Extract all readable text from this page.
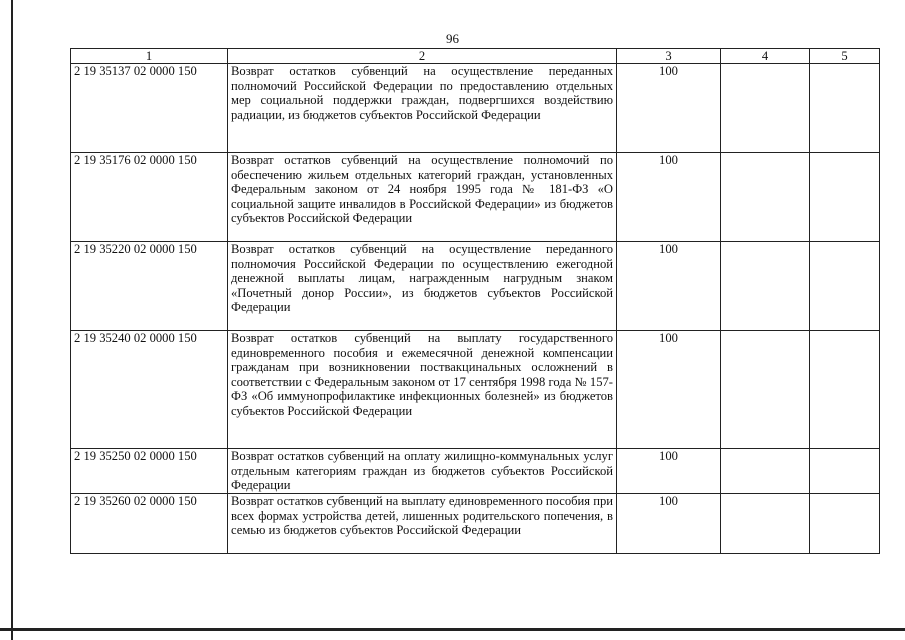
96
1	2	3	4	5
2 19 35137 02 0000 150	Возврат остатков субвенций на осуществление переданных полномочий Российской Федерации по предоставлению отдельных мер социальной поддержки граждан, подвергшихся воздействию радиации, из бюджетов субъектов Российской Федерации	100		
2 19 35176 02 0000 150	Возврат остатков субвенций на осуществление полномочий по обеспечению жильем отдельных категорий граждан, установленных Федеральным законом от 24 ноября 1995 года № 181-ФЗ «О социальной защите инвалидов в Российской Федерации» из бюджетов субъектов Российской Федерации	100		
2 19 35220 02 0000 150	Возврат остатков субвенций на осуществление переданного полномочия Российской Федерации по осуществлению ежегодной денежной выплаты лицам, награжденным нагрудным знаком «Почетный донор России», из бюджетов субъектов Российской Федерации	100		
2 19 35240 02 0000 150	Возврат остатков субвенций на выплату государственного единовременного пособия и ежемесячной денежной компенсации гражданам при возникновении поствакцинальных осложнений в соответствии с Федеральным законом от 17 сентября 1998 года № 157-ФЗ «Об иммунопрофилактике инфекционных болезней» из бюджетов субъектов Российской Федерации	100		
2 19 35250 02 0000 150	Возврат остатков субвенций на оплату жилищно-коммунальных услуг отдельным категориям граждан из бюджетов субъектов Российской Федерации	100		
2 19 35260 02 0000 150	Возврат остатков субвенций на выплату единовременного пособия при всех формах устройства детей, лишенных родительского попечения, в семью из бюджетов субъектов Российской Федерации	100		
